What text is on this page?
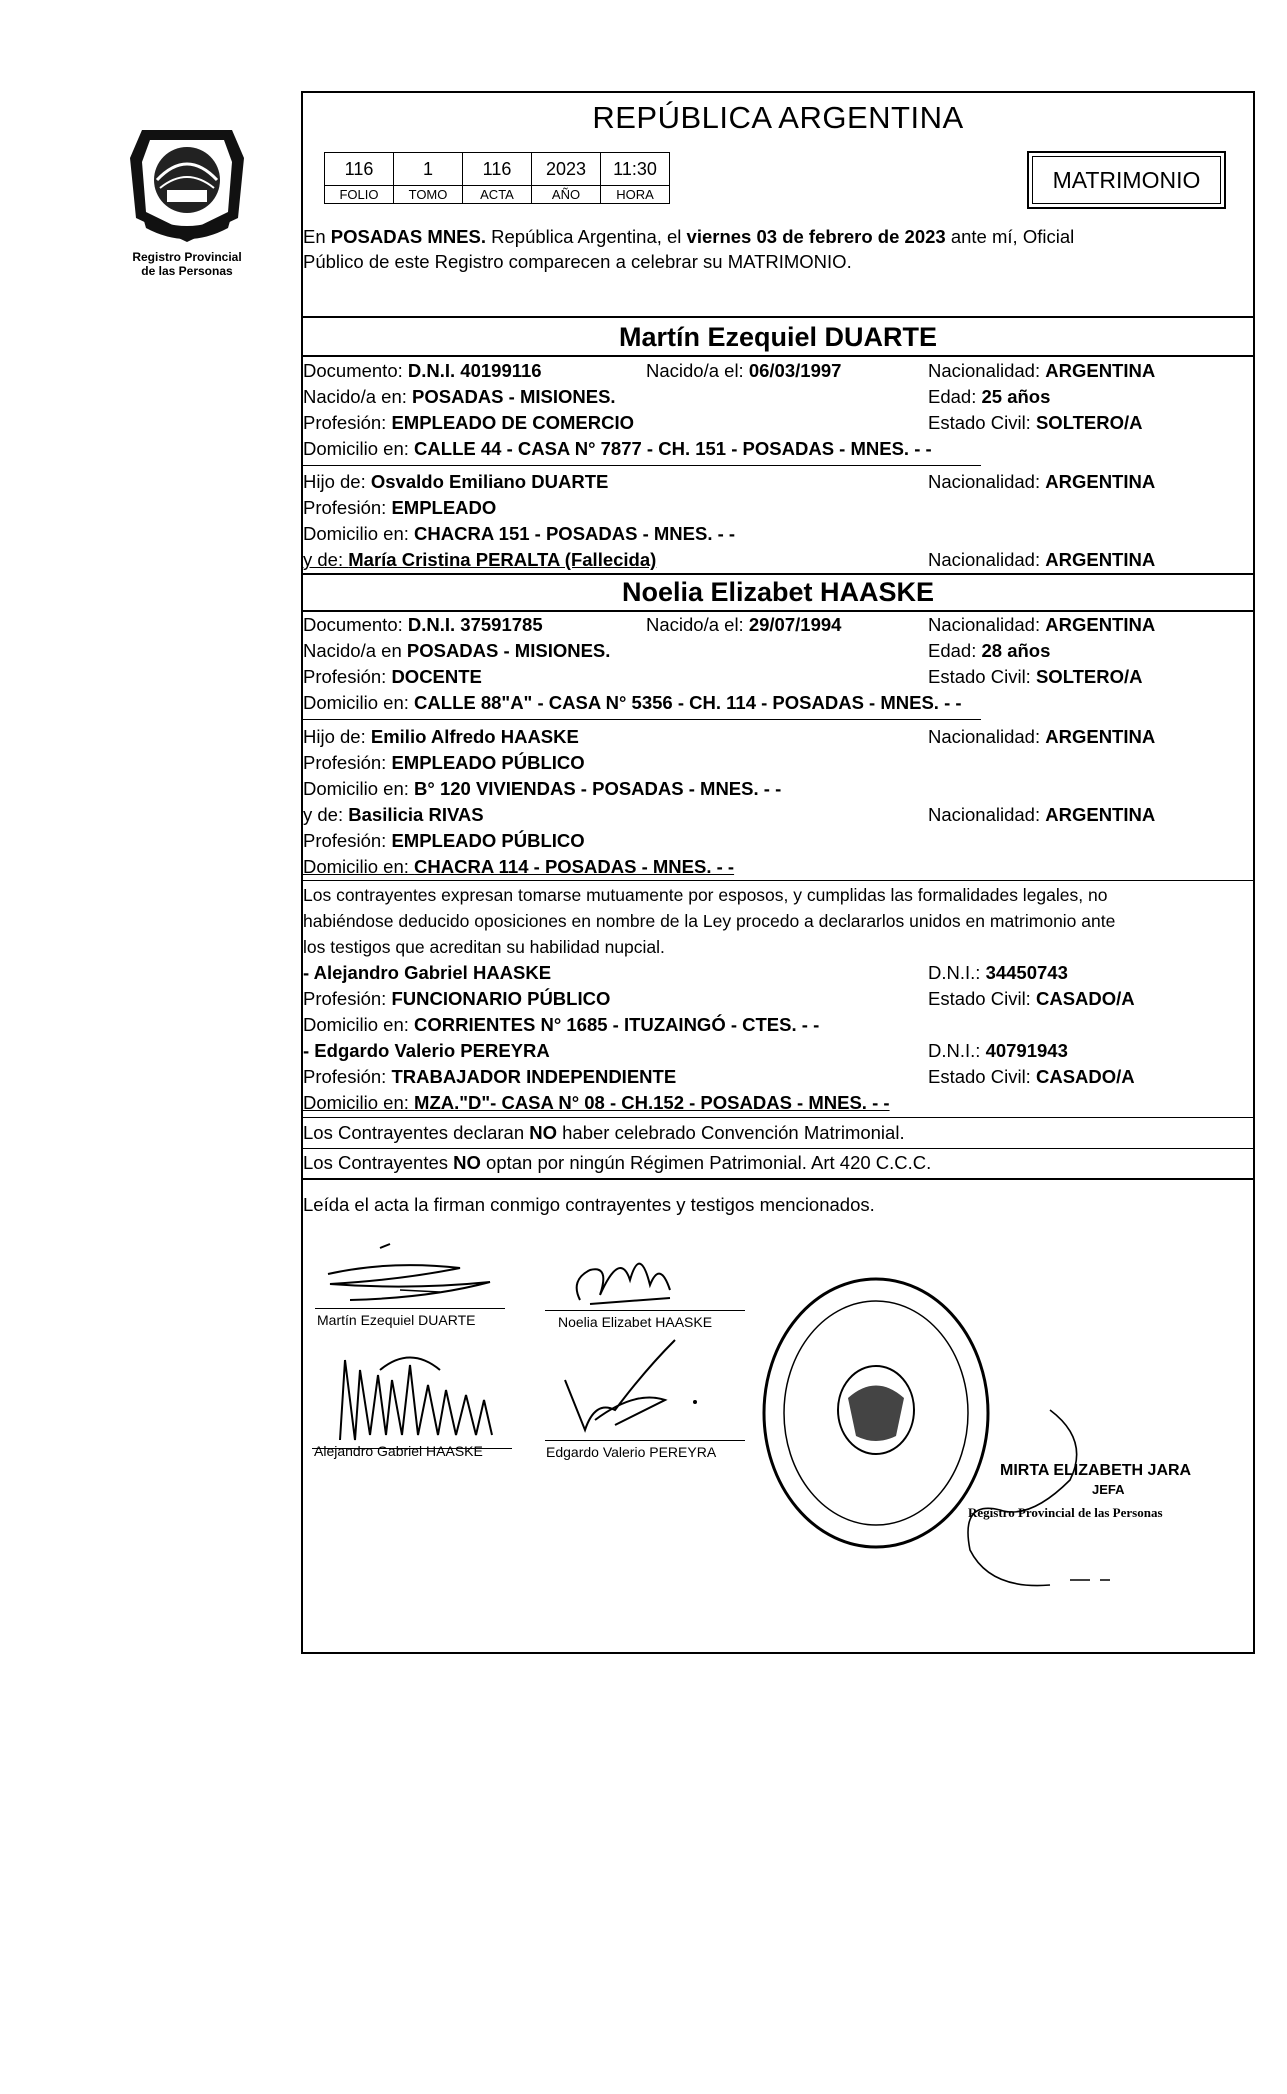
Registro Provincial
de las Personas
REPÚBLICA ARGENTINA
116	1	116	2023	11:30
FOLIO	TOMO	ACTA	AÑO	HORA
MATRIMONIO
En POSADAS MNES. República Argentina, el viernes 03 de febrero de 2023 ante mí, Oficial
Público de este Registro comparecen a celebrar su MATRIMONIO.
Martín Ezequiel DUARTE
Documento: D.N.I. 40199116	Nacido/a el: 06/03/1997	Nacionalidad: ARGENTINA
Nacido/a en: POSADAS - MISIONES.	Edad: 25 años
Profesión: EMPLEADO DE COMERCIO	Estado Civil: SOLTERO/A
Domicilio en: CALLE 44 - CASA N° 7877 - CH. 151 - POSADAS - MNES. - -
Hijo de: Osvaldo Emiliano DUARTE	Nacionalidad: ARGENTINA
Profesión: EMPLEADO
Domicilio en: CHACRA 151 - POSADAS - MNES. - -
y de: María Cristina PERALTA (Fallecida)	Nacionalidad: ARGENTINA
Noelia Elizabet HAASKE
Documento: D.N.I. 37591785	Nacido/a el: 29/07/1994	Nacionalidad: ARGENTINA
Nacido/a en POSADAS - MISIONES.	Edad: 28 años
Profesión: DOCENTE	Estado Civil: SOLTERO/A
Domicilio en: CALLE 88"A" - CASA N° 5356 - CH. 114 - POSADAS - MNES. - -
Hijo de: Emilio Alfredo HAASKE	Nacionalidad: ARGENTINA
Profesión: EMPLEADO PÚBLICO
Domicilio en: B° 120 VIVIENDAS - POSADAS - MNES. - -
y de: Basilicia RIVAS	Nacionalidad: ARGENTINA
Profesión: EMPLEADO PÚBLICO
Domicilio en: CHACRA 114 - POSADAS - MNES. - -
Los contrayentes expresan tomarse mutuamente por esposos, y cumplidas las formalidades legales, no
habiéndose deducido oposiciones en nombre de la Ley procedo a declararlos unidos en matrimonio ante
los testigos que acreditan su habilidad nupcial.
- Alejandro Gabriel HAASKE	D.N.I.: 34450743
Profesión: FUNCIONARIO PÚBLICO	Estado Civil: CASADO/A
Domicilio en: CORRIENTES N° 1685 - ITUZAINGÓ - CTES. - -
- Edgardo Valerio PEREYRA	D.N.I.: 40791943
Profesión: TRABAJADOR INDEPENDIENTE	Estado Civil: CASADO/A
Domicilio en: MZA."D"- CASA N° 08 - CH.152 - POSADAS - MNES. - -
Los Contrayentes declaran NO haber celebrado Convención Matrimonial.
Los Contrayentes NO optan por ningún Régimen Patrimonial. Art 420 C.C.C.
Leída el acta la firman conmigo contrayentes y testigos mencionados.
Martín Ezequiel DUARTE	Noelia Elizabet HAASKE
Alejandro Gabriel HAASKE	Edgardo Valerio PEREYRA
MIRTA ELIZABETH JARA
JEFA
Registro Provincial de las Personas
